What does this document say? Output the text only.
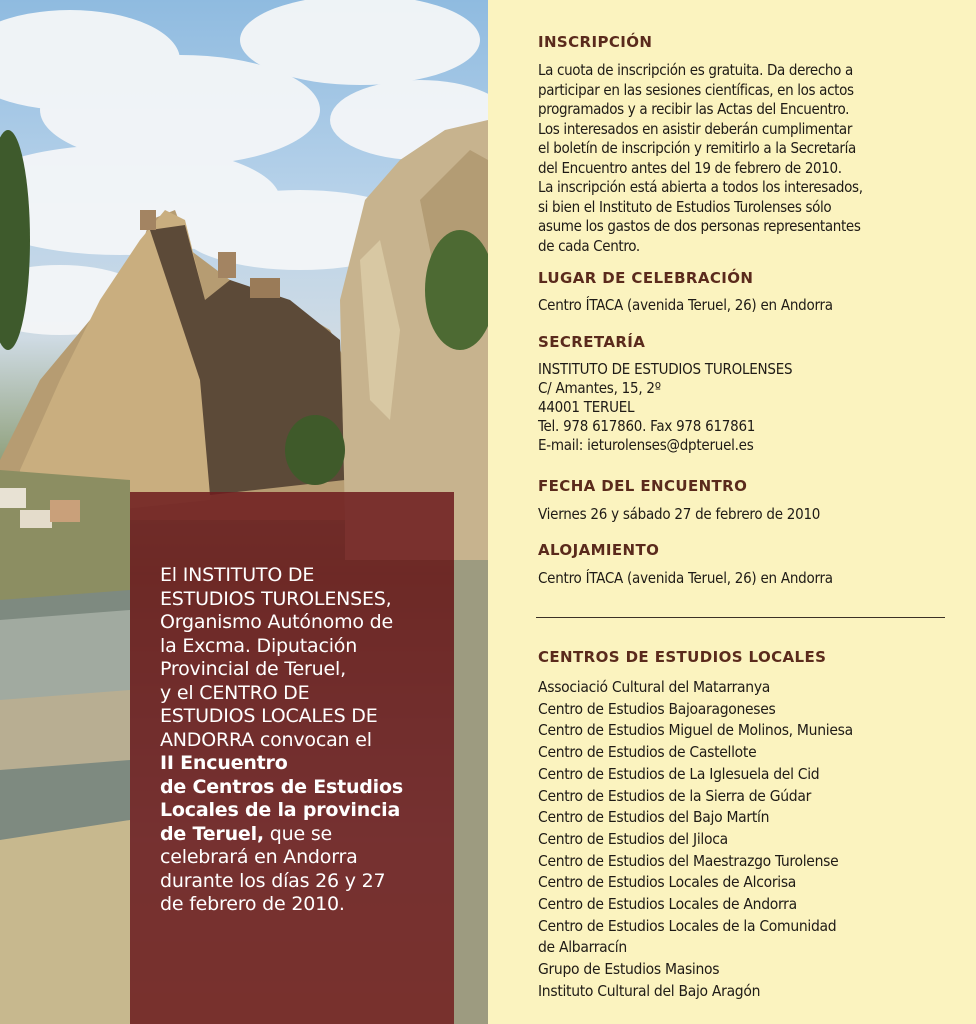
El INSTITUTO DE
ESTUDIOS TUROLENSES,
Organismo Autónomo de
la Excma. Diputación
Provincial de Teruel,
y el CENTRO DE
ESTUDIOS LOCALES DE
ANDORRA convocan el
II Encuentro
de Centros de Estudios
Locales de la provincia
de Teruel, que se
celebrará en Andorra
durante los días 26 y 27
de febrero de 2010.
INSCRIPCIÓN
La cuota de inscripción es gratuita. Da derecho a
participar en las sesiones científicas, en los actos
programados y a recibir las Actas del Encuentro.
Los interesados en asistir deberán cumplimentar
el boletín de inscripción y remitirlo a la Secretaría
del Encuentro antes del 19 de febrero de 2010.
La inscripción está abierta a todos los interesados,
si bien el Instituto de Estudios Turolenses sólo
asume los gastos de dos personas representantes
de cada Centro.
LUGAR DE CELEBRACIÓN
Centro ÍTACA (avenida Teruel, 26) en Andorra
SECRETARÍA
INSTITUTO DE ESTUDIOS TUROLENSES
C/ Amantes, 15, 2º
44001 TERUEL
Tel. 978 617860. Fax 978 617861
E-mail: ieturolenses@dpteruel.es
FECHA DEL ENCUENTRO
Viernes 26 y sábado 27 de febrero de 2010
ALOJAMIENTO
Centro ÍTACA (avenida Teruel, 26) en Andorra
CENTROS DE ESTUDIOS LOCALES
Associació Cultural del Matarranya
Centro de Estudios Bajoaragoneses
Centro de Estudios Miguel de Molinos, Muniesa
Centro de Estudios de Castellote
Centro de Estudios de La Iglesuela del Cid
Centro de Estudios de la Sierra de Gúdar
Centro de Estudios del Bajo Martín
Centro de Estudios del Jiloca
Centro de Estudios del Maestrazgo Turolense
Centro de Estudios Locales de Alcorisa
Centro de Estudios Locales de Andorra
Centro de Estudios Locales de la Comunidad
de Albarracín
Grupo de Estudios Masinos
Instituto Cultural del Bajo Aragón
